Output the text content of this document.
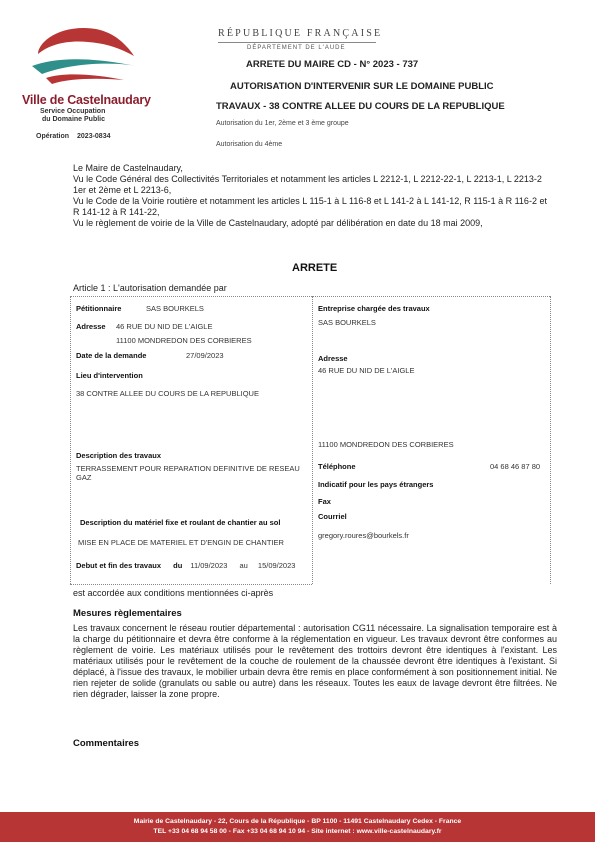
Ville de Castelnaudary
Service Occupation
du Domaine Public
Opération 2023-0834
RÉPUBLIQUE FRANÇAISE
DÉPARTEMENT DE L'AUDE
ARRETE DU MAIRE CD - N° 2023 - 737
AUTORISATION D'INTERVENIR SUR LE DOMAINE PUBLIC
TRAVAUX - 38 CONTRE ALLEE DU COURS DE LA REPUBLIQUE
Autorisation du 1er, 2ème et 3 ème groupe
Autorisation du 4ème
Le Maire de Castelnaudary,
Vu le Code Général des Collectivités Territoriales et notamment les articles L 2212-1, L 2212-22-1, L 2213-1, L 2213-2 1er et 2ème et L 2213-6,
Vu le Code de la Voirie routière et notamment les articles L 115-1 à L 116-8 et L 141-2 à L 141-12, R 115-1 à R 116-2 et R 141-12 à R 141-22,
Vu le règlement de voirie de la Ville de Castelnaudary, adopté par délibération en date du 18 mai 2009,
ARRETE
Article 1 : L'autorisation demandée par
Pétitionnaire	SAS BOURKELS
Adresse 46 RUE DU NID DE L'AIGLE
11100 MONDREDON DES CORBIERES
Date de la demande	27/09/2023
Lieu d'intervention
38 CONTRE ALLEE DU COURS DE LA REPUBLIQUE
Description des travaux
TERRASSEMENT POUR REPARATION DEFINITIVE DE RESEAU GAZ
Description du matériel fixe et roulant de chantier au sol
MISE EN PLACE DE MATERIEL ET D'ENGIN DE CHANTIER
Debut et fin des travaux du 11/09/2023 au 15/09/2023
Entreprise chargée des travaux
SAS BOURKELS
Adresse
46 RUE DU NID DE L'AIGLE
11100 MONDREDON DES CORBIERES
Téléphone	04 68 46 87 80
Indicatif pour les pays étrangers
Fax
Courriel
gregory.roures@bourkels.fr
est accordée aux conditions mentionnées ci-après
Mesures règlementaires
Les travaux concernent le réseau routier départemental : autorisation CG11 nécessaire. La signalisation temporaire est à la charge du pétitionnaire et devra être conforme à la réglementation en vigueur. Les travaux devront être conformes au règlement de voirie. Les matériaux utilisés pour le revêtement des trottoirs devront être identiques à l'existant. Les matériaux utilisés pour le revêtement de la couche de roulement de la chaussée devront être identiques à l'existant. Si déplacé, à l'issue des travaux, le mobilier urbain devra être remis en place conformément à son positionnement initial. Ne rien rejeter de solide (granulats ou sable ou autre) dans les réseaux. Toutes les eaux de lavage devront être filtrées. Ne rien dégrader, laisser la zone propre.
Commentaires
Mairie de Castelnaudary - 22, Cours de la République - BP 1100 - 11491 Castelnaudary Cedex - France
TEL +33 04 68 94 58 00 - Fax +33 04 68 94 10 94 - Site internet : www.ville-castelnaudary.fr
